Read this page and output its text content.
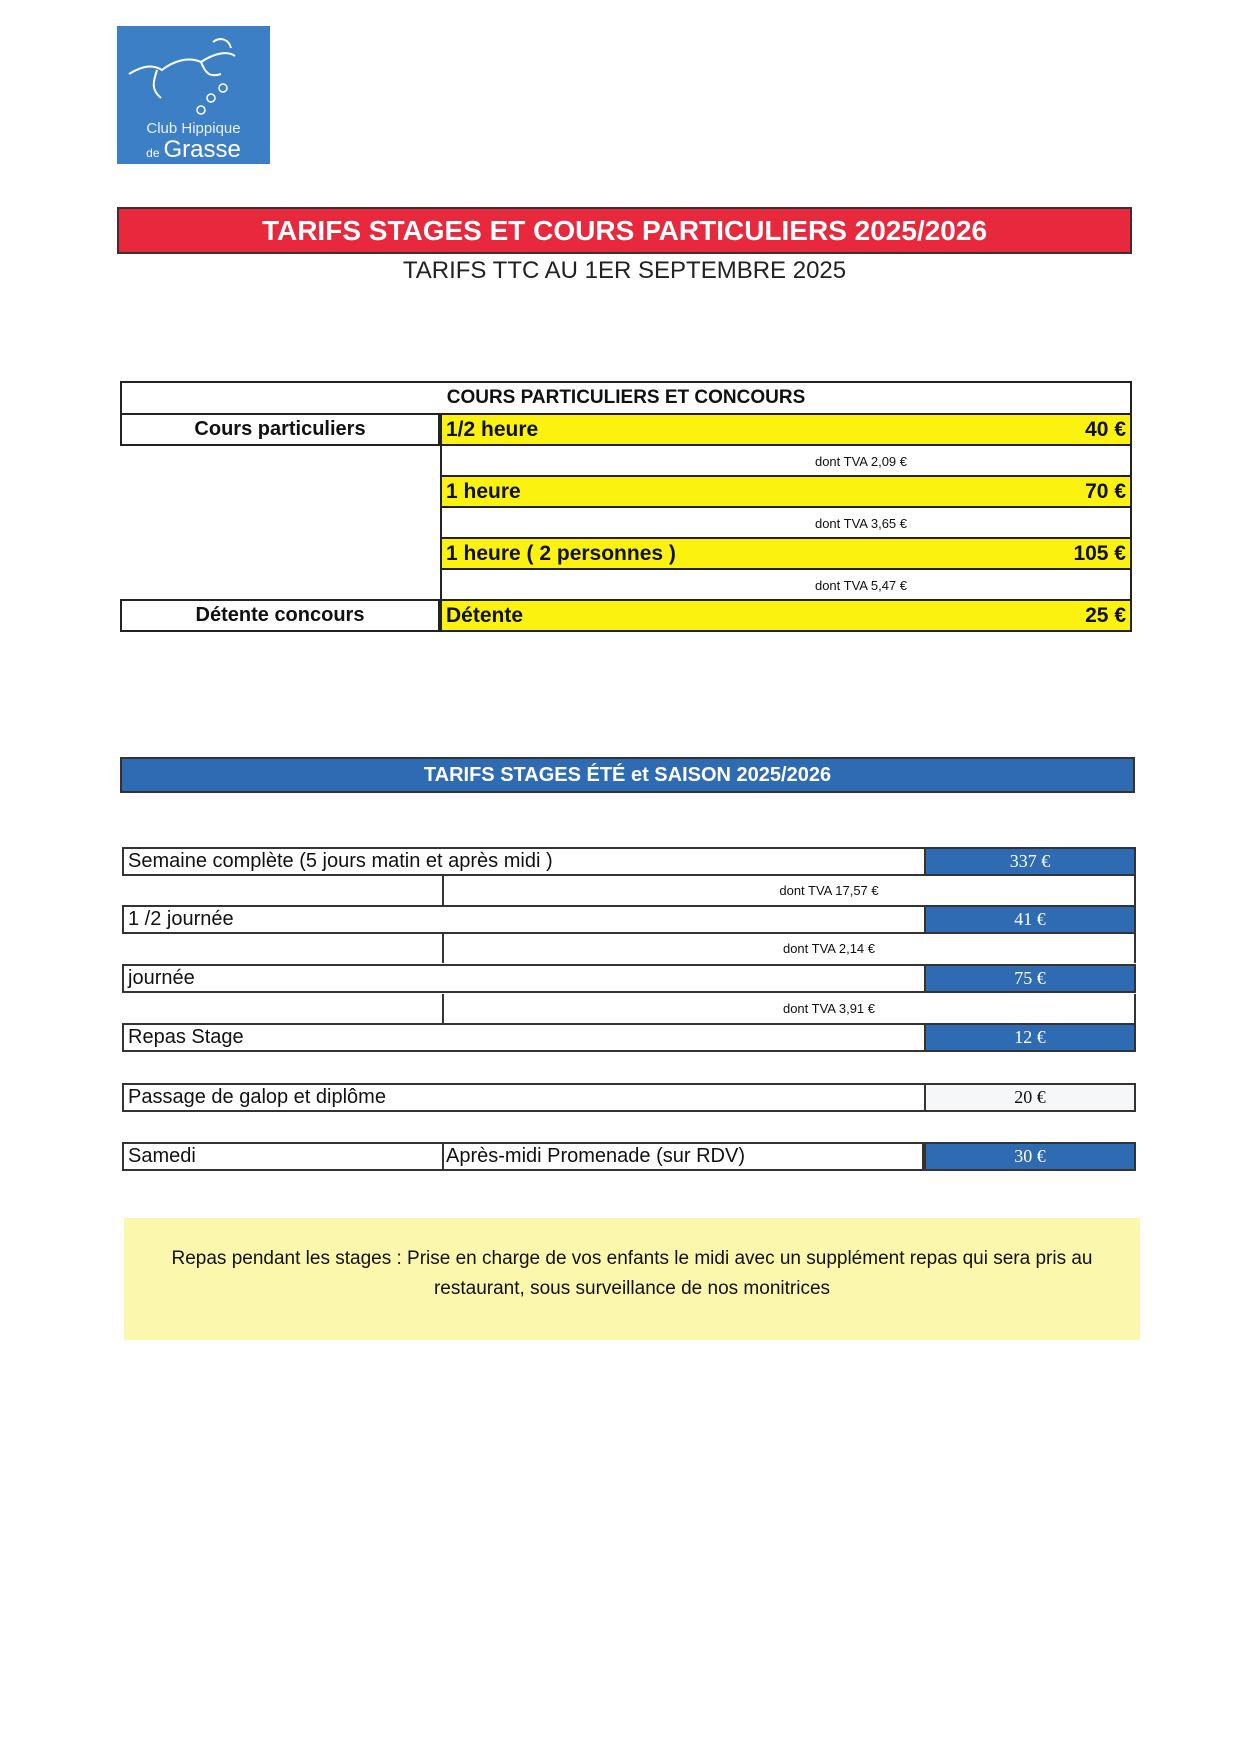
Club Hippique
de Grasse
TARIFS STAGES ET COURS PARTICULIERS 2025/2026
TARIFS TTC AU 1ER SEPTEMBRE 2025
COURS PARTICULIERS ET CONCOURS
Cours particuliers	1/2 heure	40 €
dont TVA 2,09 €
1 heure	70 €
dont TVA 3,65 €
1 heure ( 2 personnes )	105 €
dont TVA 5,47 €
Détente concours	Détente	25 €
TARIFS STAGES ÉTÉ et SAISON 2025/2026
Semaine complète (5 jours matin et après midi )	337 €
dont TVA 17,57 €
1 /2 journée	41 €
dont TVA 2,14 €
journée	75 €
dont TVA 3,91 €
Repas Stage	12 €
Passage de galop et diplôme	20 €
Samedi	Après-midi Promenade (sur RDV)	30 €
Repas pendant les stages : Prise en charge de vos enfants le midi avec un supplément repas qui sera pris au
restaurant, sous surveillance de nos monitrices
